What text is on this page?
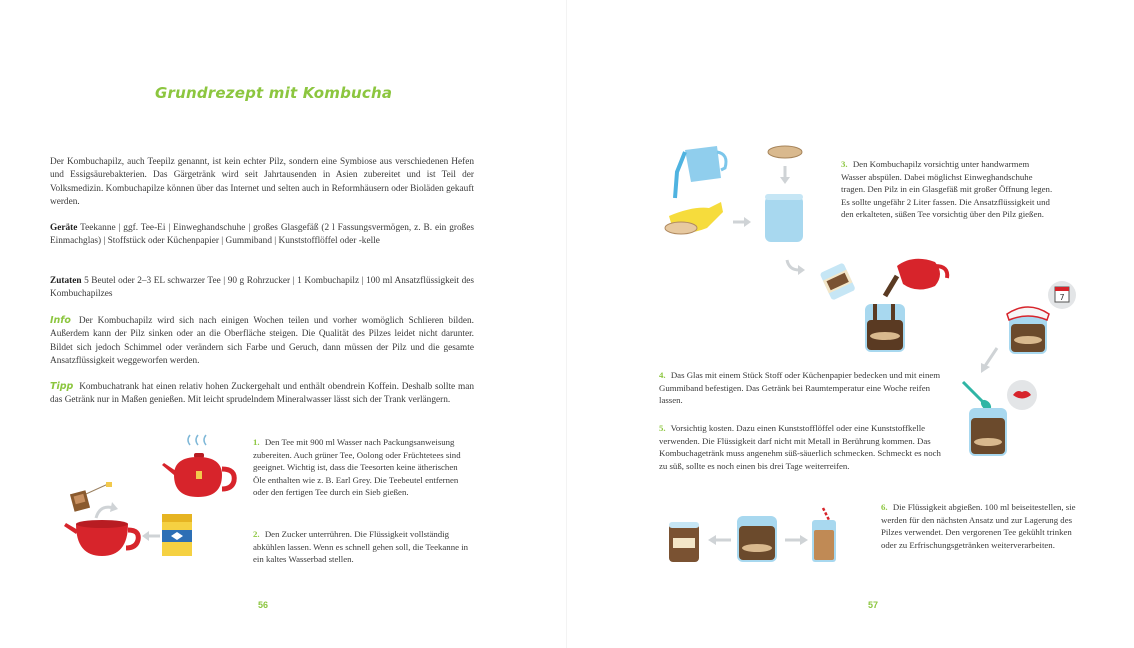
Grundrezept mit Kombucha

Der Kombuchapilz, auch Teepilz genannt, ist kein echter Pilz, sondern eine Symbiose aus verschiedenen Hefen und Essigsäurebakterien. Das Gärgetränk wird seit Jahrtausenden in Asien zubereitet und ist Teil der Volksmedizin. Kombuchapilze können über das Internet und selten auch in Reformhäusern oder Bioläden gekauft werden.

Geräte Teekanne | ggf. Tee-Ei | Einweghandschuhe | großes Glasgefäß (2 l Fassungsvermögen, z. B. ein großes Einmachglas) | Stoffstück oder Küchenpapier | Gummiband | Kunststofflöffel oder -kelle

Zutaten 5 Beutel oder 2–3 EL schwarzer Tee | 90 g Rohrzucker | 1 Kombuchapilz | 100 ml Ansatzflüssigkeit des Kombuchapilzes

Info Der Kombuchapilz wird sich nach einigen Wochen teilen und vorher womöglich Schlieren bilden. Außerdem kann der Pilz sinken oder an die Oberfläche steigen. Die Qualität des Pilzes leidet nicht darunter. Bildet sich jedoch Schimmel oder verändern sich Farbe und Geruch, dann müssen der Pilz und die gesamte Ansatzflüssigkeit weggeworfen werden.

Tipp Kombuchatrank hat einen relativ hohen Zuckergehalt und enthält obendrein Koffein. Deshalb sollte man das Getränk nur in Maßen genießen. Mit leicht sprudelndem Mineralwasser lässt sich der Trank verlängern.

1. Den Tee mit 900 ml Wasser nach Packungsanweisung zubereiten. Auch grüner Tee, Oolong oder Früchtetees sind geeignet. Wichtig ist, dass die Teesorten keine ätherischen Öle enthalten wie z. B. Earl Grey. Die Teebeutel entfernen oder den fertigen Tee durch ein Sieb gießen.

2. Den Zucker unterrühren. Die Flüssigkeit vollständig abkühlen lassen. Wenn es schnell gehen soll, die Teekanne in ein kaltes Wasserbad stellen.

56
7

3. Den Kombuchapilz vorsichtig unter handwarmem Wasser abspülen. Dabei möglichst Einweghandschuhe tragen. Den Pilz in ein Glasgefäß mit großer Öffnung legen. Es sollte ungefähr 2 Liter fassen. Die Ansatzflüssigkeit und den erkalteten, süßen Tee vorsichtig über den Pilz gießen.

4. Das Glas mit einem Stück Stoff oder Küchenpapier bedecken und mit einem Gummiband befestigen. Das Getränk bei Raumtemperatur eine Woche reifen lassen.

5. Vorsichtig kosten. Dazu einen Kunststofflöffel oder eine Kunststoffkelle verwenden. Die Flüssigkeit darf nicht mit Metall in Berührung kommen. Das Kombuchagetränk muss angenehm süß-säuerlich schmecken. Schmeckt es noch zu süß, sollte es noch einen bis drei Tage weiterreifen.

6. Die Flüssigkeit abgießen. 100 ml beiseitestellen, sie werden für den nächsten Ansatz und zur Lagerung des Pilzes verwendet. Den vergorenen Tee gekühlt trinken oder zu Erfrischungsgetränken weiterverarbeiten.

57
